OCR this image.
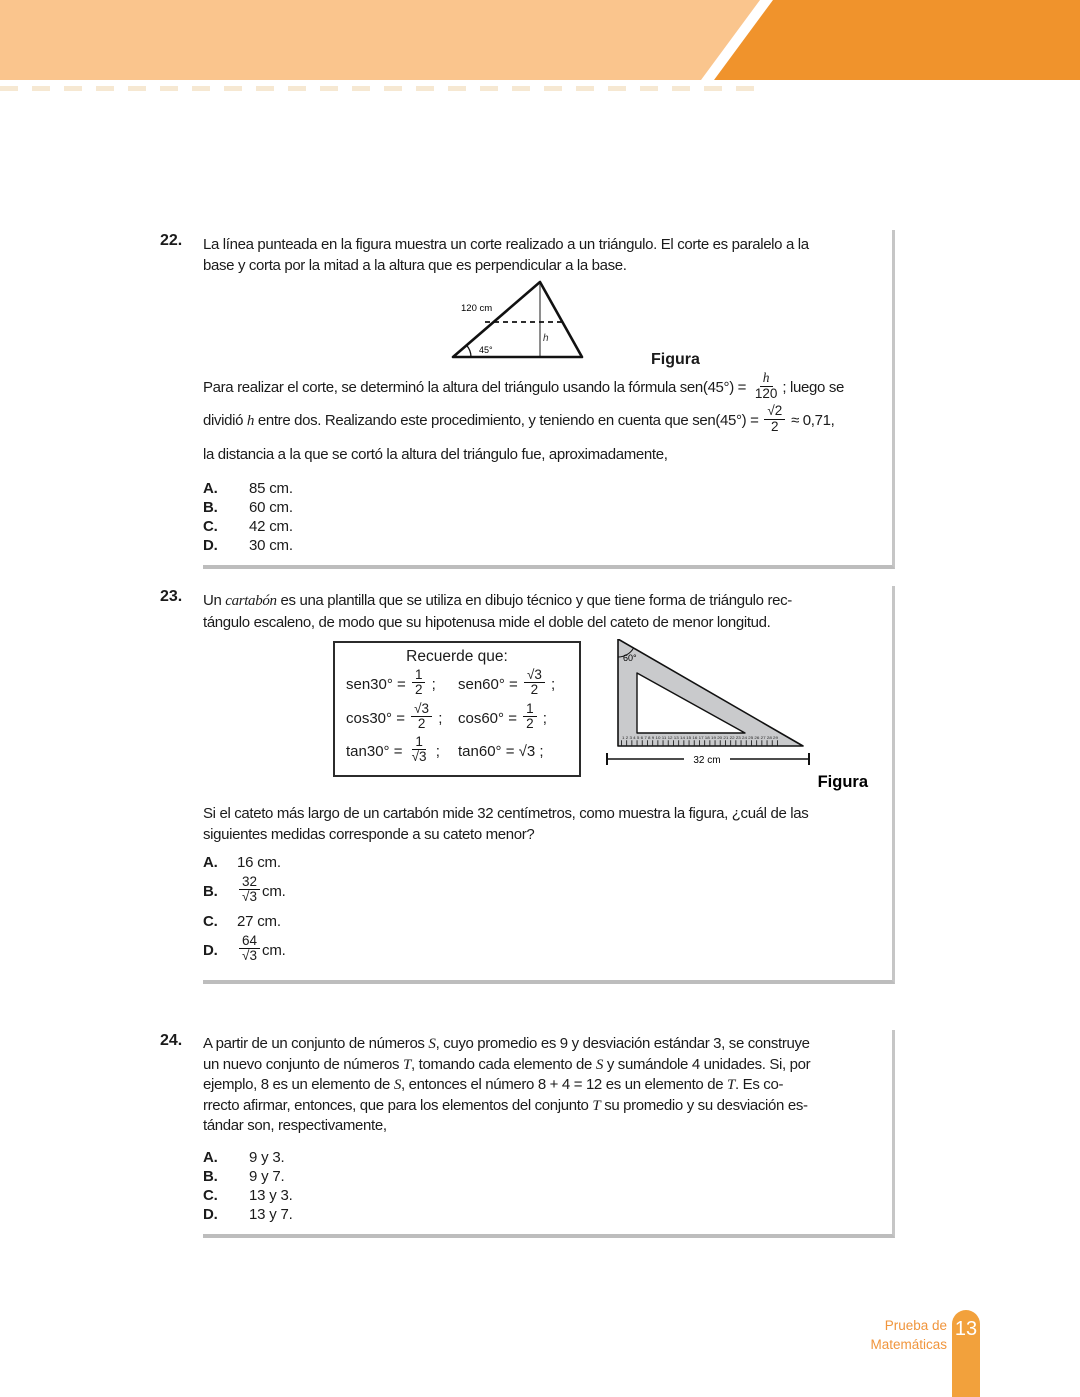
22. La línea punteada en la figura muestra un corte realizado a un triángulo. El corte es paralelo a la
base y corta por la mitad a la altura que es perpendicular a la base.
120 cm
h
45°
Figura
Para realizar el corte, se determinó la altura del triángulo usando la fórmula $sen(45^\circ) = \frac{h}{120}$ ; luego se
dividió h entre dos. Realizando este procedimiento, y teniendo en cuenta que $sen(45^\circ) = \frac{√2}{2} \approx 0,71$,
la distancia a la que se cortó la altura del triángulo fue, aproximadamente,
A.	85 cm.
B.	60 cm.
C.	42 cm.
D.	30 cm.
23. Un cartabón es una plantilla que se utiliza en dibujo técnico y que tiene forma de triángulo rec-
tángulo escaleno, de modo que su hipotenusa mide el doble del cateto de menor longitud.
Recuerde que:
$sen30^\circ = \frac{1}{2}$ ;	$sen60^\circ = \frac{√3}{2}$ ;
$\cos 30^\circ = \frac{√3}{2}$ ;	$\cos 60^\circ = \frac{1}{2}$ ;
$\tan 30^\circ = \frac{1}{√3}$ ;	tan60° = √3 ;
60°
1 2 3 4 5 6 7 8 9 10 11 12 13 14 15 16 17 18 19 20 21 22 23 24 25 26 27 28 29
32 cm
Figura
Si el cateto más largo de un cartabón mide 32 centímetros, como muestra la figura, ¿cuál de las
siguientes medidas corresponde a su cateto menor?
A.	16 cm.
B.	$\frac{32}{√3}$ cm.
C.	27 cm.
D.	$\frac{64}{√3}$ cm.
24. A partir de un conjunto de números S, cuyo promedio es 9 y desviación estándar 3, se construye
un nuevo conjunto de números T, tomando cada elemento de S y sumándole 4 unidades. Si, por
ejemplo, 8 es un elemento de S, entonces el número 8 + 4 = 12 es un elemento de T. Es co-
rrecto afirmar, entonces, que para los elementos del conjunto T su promedio y su desviación es-
tándar son, respectivamente,
A.	9 y 3.
B.	9 y 7.
C.	13 y 3.
D.	13 y 7.
Prueba de
Matemáticas
13
